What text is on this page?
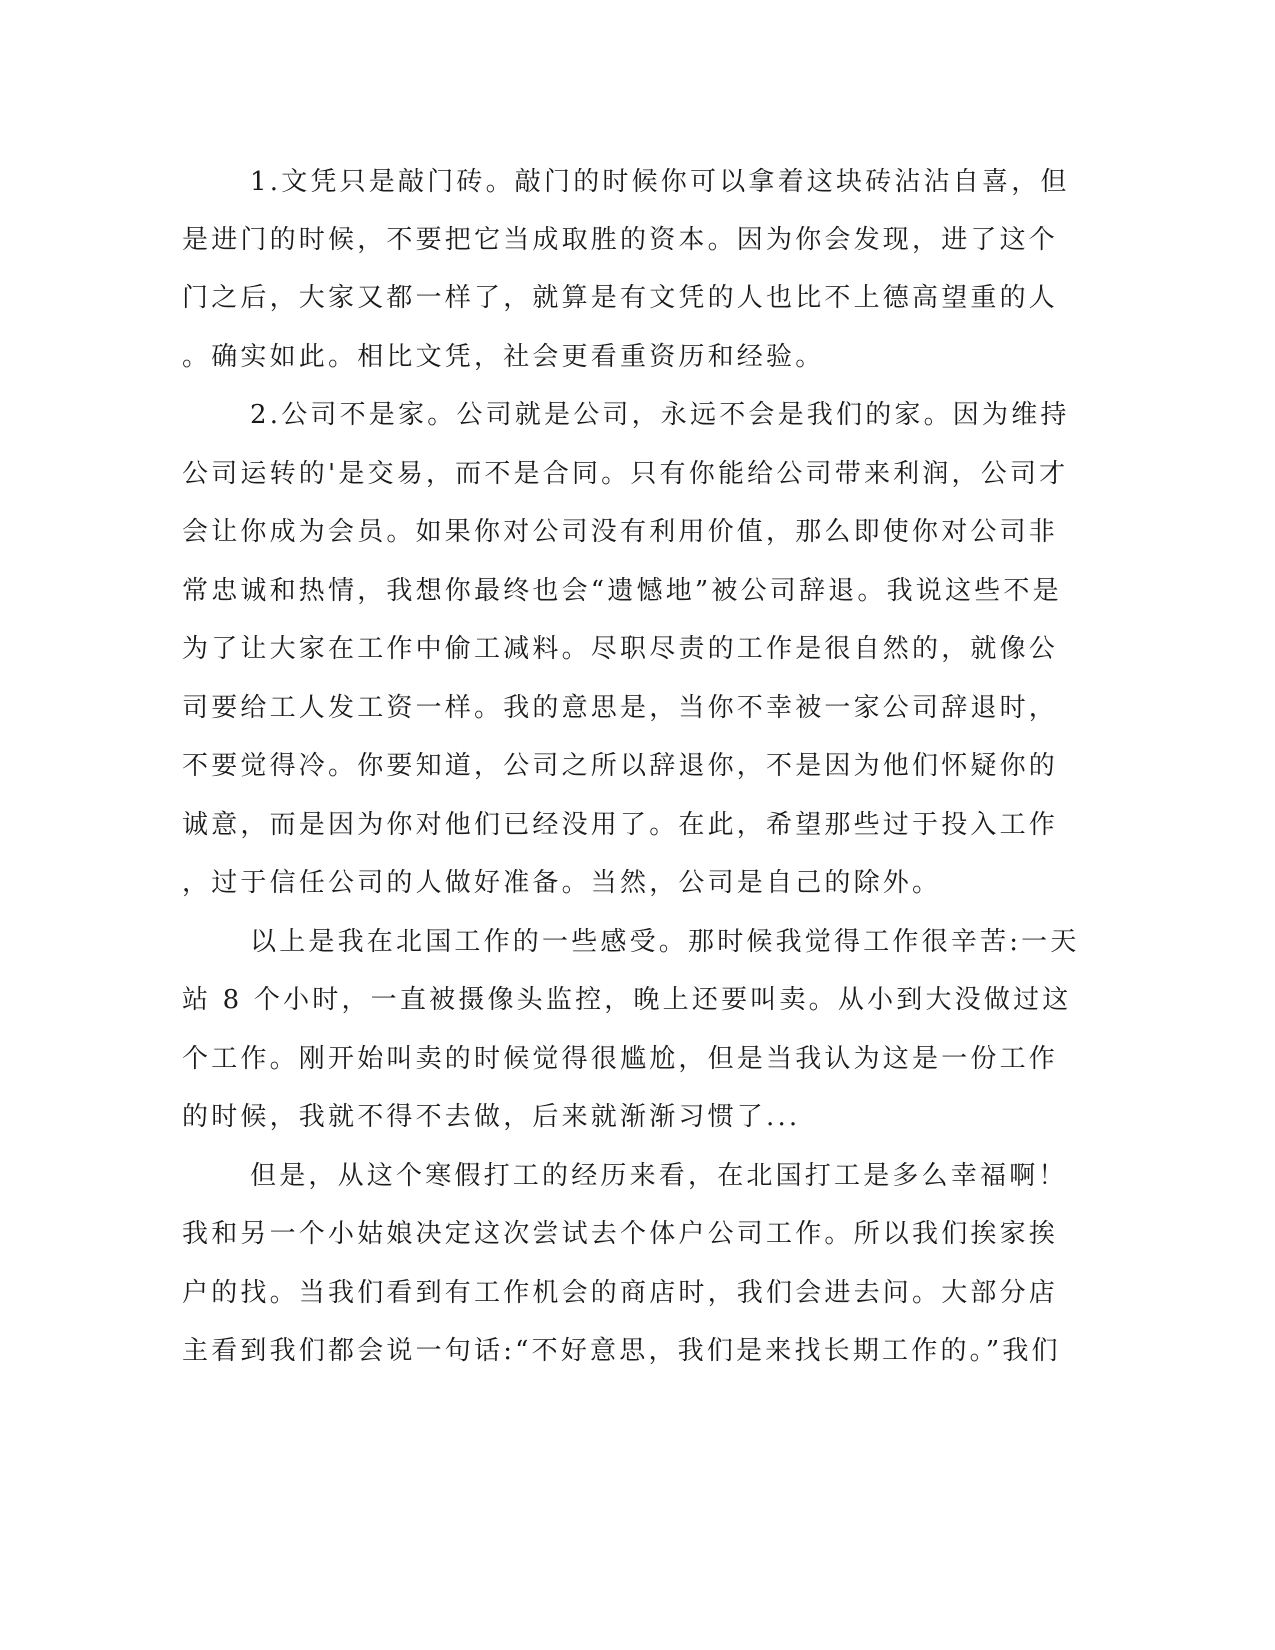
1.文凭只是敲门砖。敲门的时候你可以拿着这块砖沾沾自喜，但

是进门的时候，不要把它当成取胜的资本。因为你会发现，进了这个

门之后，大家又都一样了，就算是有文凭的人也比不上德高望重的人

。确实如此。相比文凭，社会更看重资历和经验。

2.公司不是家。公司就是公司，永远不会是我们的家。因为维持

公司运转的'是交易，而不是合同。只有你能给公司带来利润，公司才

会让你成为会员。如果你对公司没有利用价值，那么即使你对公司非

常忠诚和热情，我想你最终也会“遗憾地”被公司辞退。我说这些不是

为了让大家在工作中偷工减料。尽职尽责的工作是很自然的，就像公

司要给工人发工资一样。我的意思是，当你不幸被一家公司辞退时，

不要觉得冷。你要知道，公司之所以辞退你，不是因为他们怀疑你的

诚意，而是因为你对他们已经没用了。在此，希望那些过于投入工作

，过于信任公司的人做好准备。当然，公司是自己的除外。

以上是我在北国工作的一些感受。那时候我觉得工作很辛苦:一天

站 8 个小时，一直被摄像头监控，晚上还要叫卖。从小到大没做过这

个工作。刚开始叫卖的时候觉得很尴尬，但是当我认为这是一份工作

的时候，我就不得不去做，后来就渐渐习惯了...

但是，从这个寒假打工的经历来看，在北国打工是多么幸福啊！

我和另一个小姑娘决定这次尝试去个体户公司工作。所以我们挨家挨

户的找。当我们看到有工作机会的商店时，我们会进去问。大部分店

主看到我们都会说一句话:“不好意思，我们是来找长期工作的。”我们
